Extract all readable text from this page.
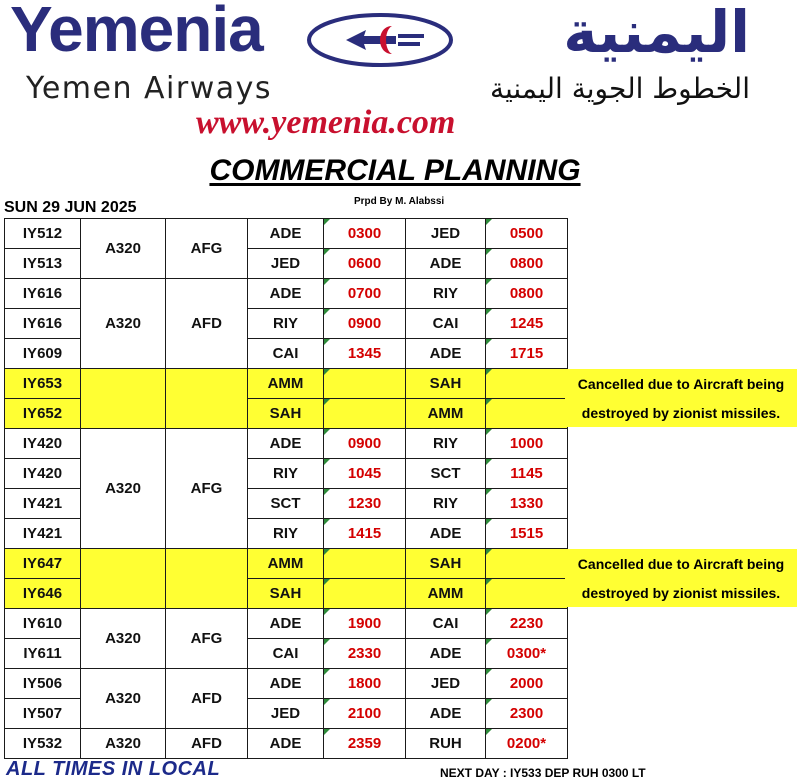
Yemenia	اليمنية
Yemen Airways	الخطوط الجوية اليمنية
www.yemenia.com
COMMERCIAL PLANNING
SUN 29 JUN 2025	Prpd By M. Alabssi
IY512	A320	AFG	ADE	0300	JED	0500
IY513			JED	0600	ADE	0800
IY616	A320	AFD	ADE	0700	RIY	0800
IY616			RIY	0900	CAI	1245
IY609			CAI	1345	ADE	1715
IY653			AMM		SAH	
IY652			SAH		AMM	
IY420	A320	AFG	ADE	0900	RIY	1000
IY420			RIY	1045	SCT	1145
IY421			SCT	1230	RIY	1330
IY421			RIY	1415	ADE	1515
IY647			AMM		SAH	
IY646			SAH		AMM	
IY610	A320	AFG	ADE	1900	CAI	2230
IY611			CAI	2330	ADE	0300*
IY506	A320	AFD	ADE	1800	JED	2000
IY507			JED	2100	ADE	2300
IY532	A320	AFD	ADE	2359	RUH	0200*
Cancelled due to Aircraft being
destroyed by zionist missiles.
Cancelled due to Aircraft being
destroyed by zionist missiles.
ALL TIMES IN LOCAL	NEXT DAY : IY533 DEP RUH 0300 LT
